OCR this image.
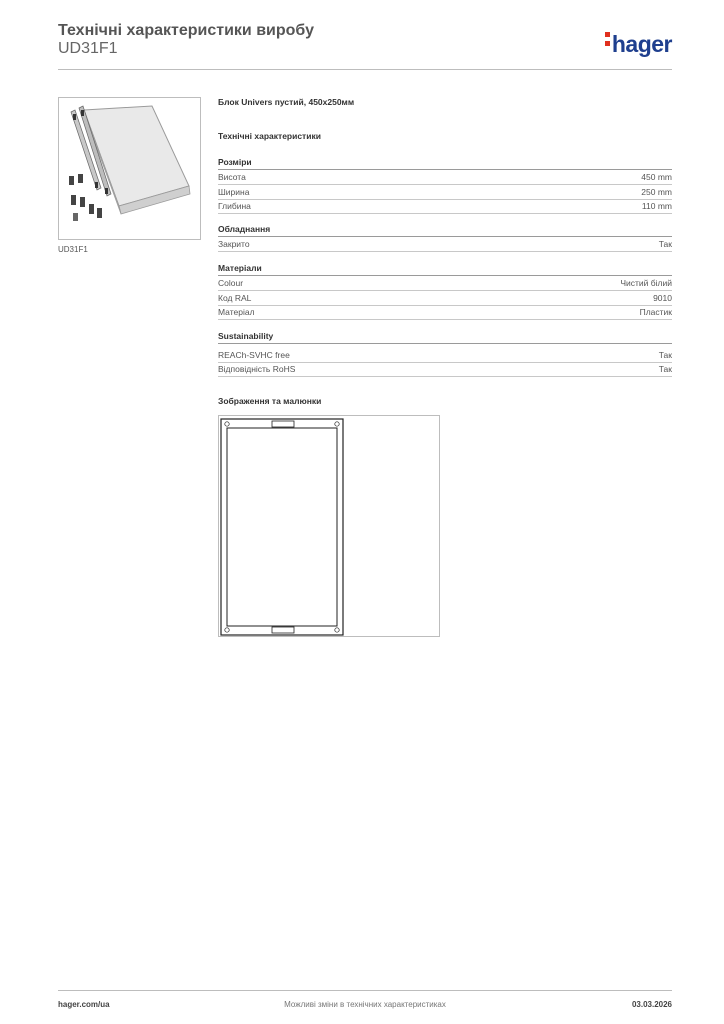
Технічні характеристики виробу
UD31F1	hager
UD31F1
Блок Univers пустий, 450x250мм
Технічні характеристики
Розміри
Висота	450 mm
Ширина	250 mm
Глибина	110 mm
Обладнання
Закрито	Так
Матеріали
Colour	Чистий білий
Код RAL	9010
Матеріал	Пластик
Sustainability
REACh-SVHC free	Так
Відповідність RoHS	Так
Зображення та малюнки
hager.com/ua	Можливі зміни в технічних характеристиках	03.03.2026
